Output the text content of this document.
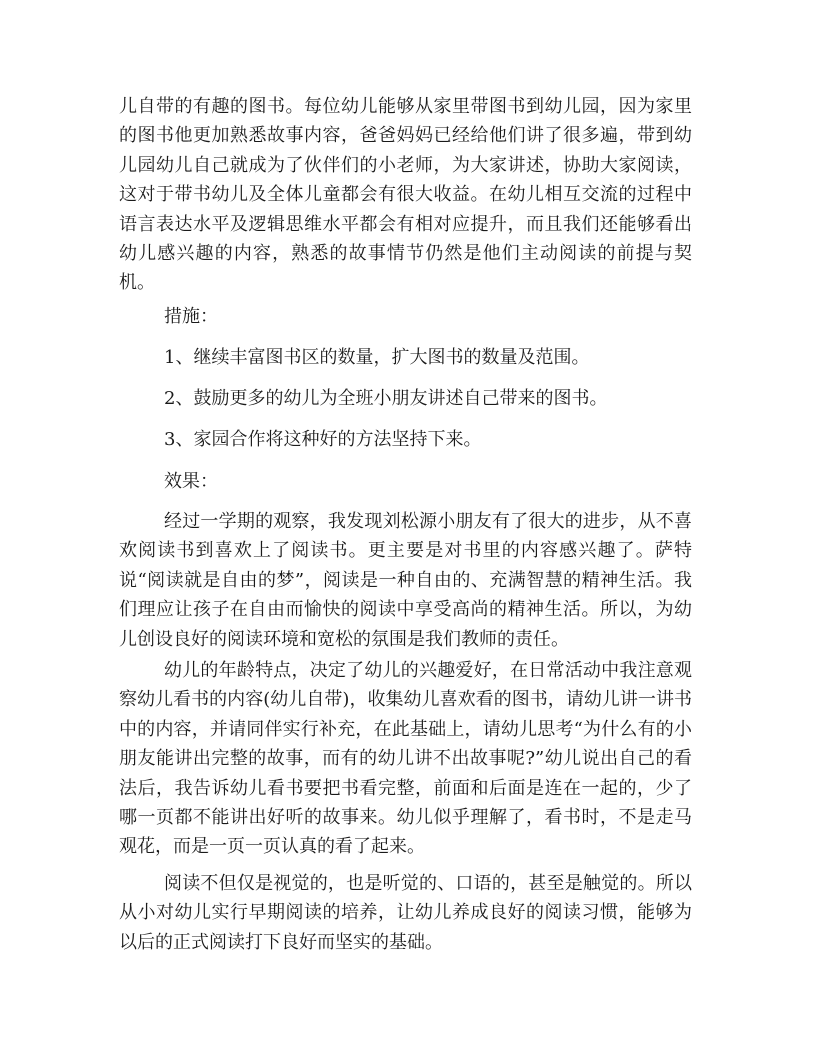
儿自带的有趣的图书。每位幼儿能够从家里带图书到幼儿园，因为家里的图书他更加熟悉故事内容，爸爸妈妈已经给他们讲了很多遍，带到幼儿园幼儿自己就成为了伙伴们的小老师，为大家讲述，协助大家阅读，这对于带书幼儿及全体儿童都会有很大收益。在幼儿相互交流的过程中语言表达水平及逻辑思维水平都会有相对应提升，而且我们还能够看出幼儿感兴趣的内容，熟悉的故事情节仍然是他们主动阅读的前提与契机。

措施：

1、继续丰富图书区的数量，扩大图书的数量及范围。

2、鼓励更多的幼儿为全班小朋友讲述自己带来的图书。

3、家园合作将这种好的方法坚持下来。

效果：

经过一学期的观察，我发现刘松源小朋友有了很大的进步，从不喜欢阅读书到喜欢上了阅读书。更主要是对书里的内容感兴趣了。萨特说“阅读就是自由的梦”，阅读是一种自由的、充满智慧的精神生活。我们理应让孩子在自由而愉快的阅读中享受高尚的精神生活。所以，为幼儿创设良好的阅读环境和宽松的氛围是我们教师的责任。

幼儿的年龄特点，决定了幼儿的兴趣爱好，在日常活动中我注意观察幼儿看书的内容(幼儿自带)，收集幼儿喜欢看的图书，请幼儿讲一讲书中的内容，并请同伴实行补充，在此基础上，请幼儿思考“为什么有的小朋友能讲出完整的故事，而有的幼儿讲不出故事呢?”幼儿说出自己的看法后，我告诉幼儿看书要把书看完整，前面和后面是连在一起的，少了哪一页都不能讲出好听的故事来。幼儿似乎理解了，看书时，不是走马观花，而是一页一页认真的看了起来。

阅读不但仅是视觉的，也是听觉的、口语的，甚至是触觉的。所以从小对幼儿实行早期阅读的培养，让幼儿养成良好的阅读习惯，能够为以后的正式阅读打下良好而坚实的基础。
